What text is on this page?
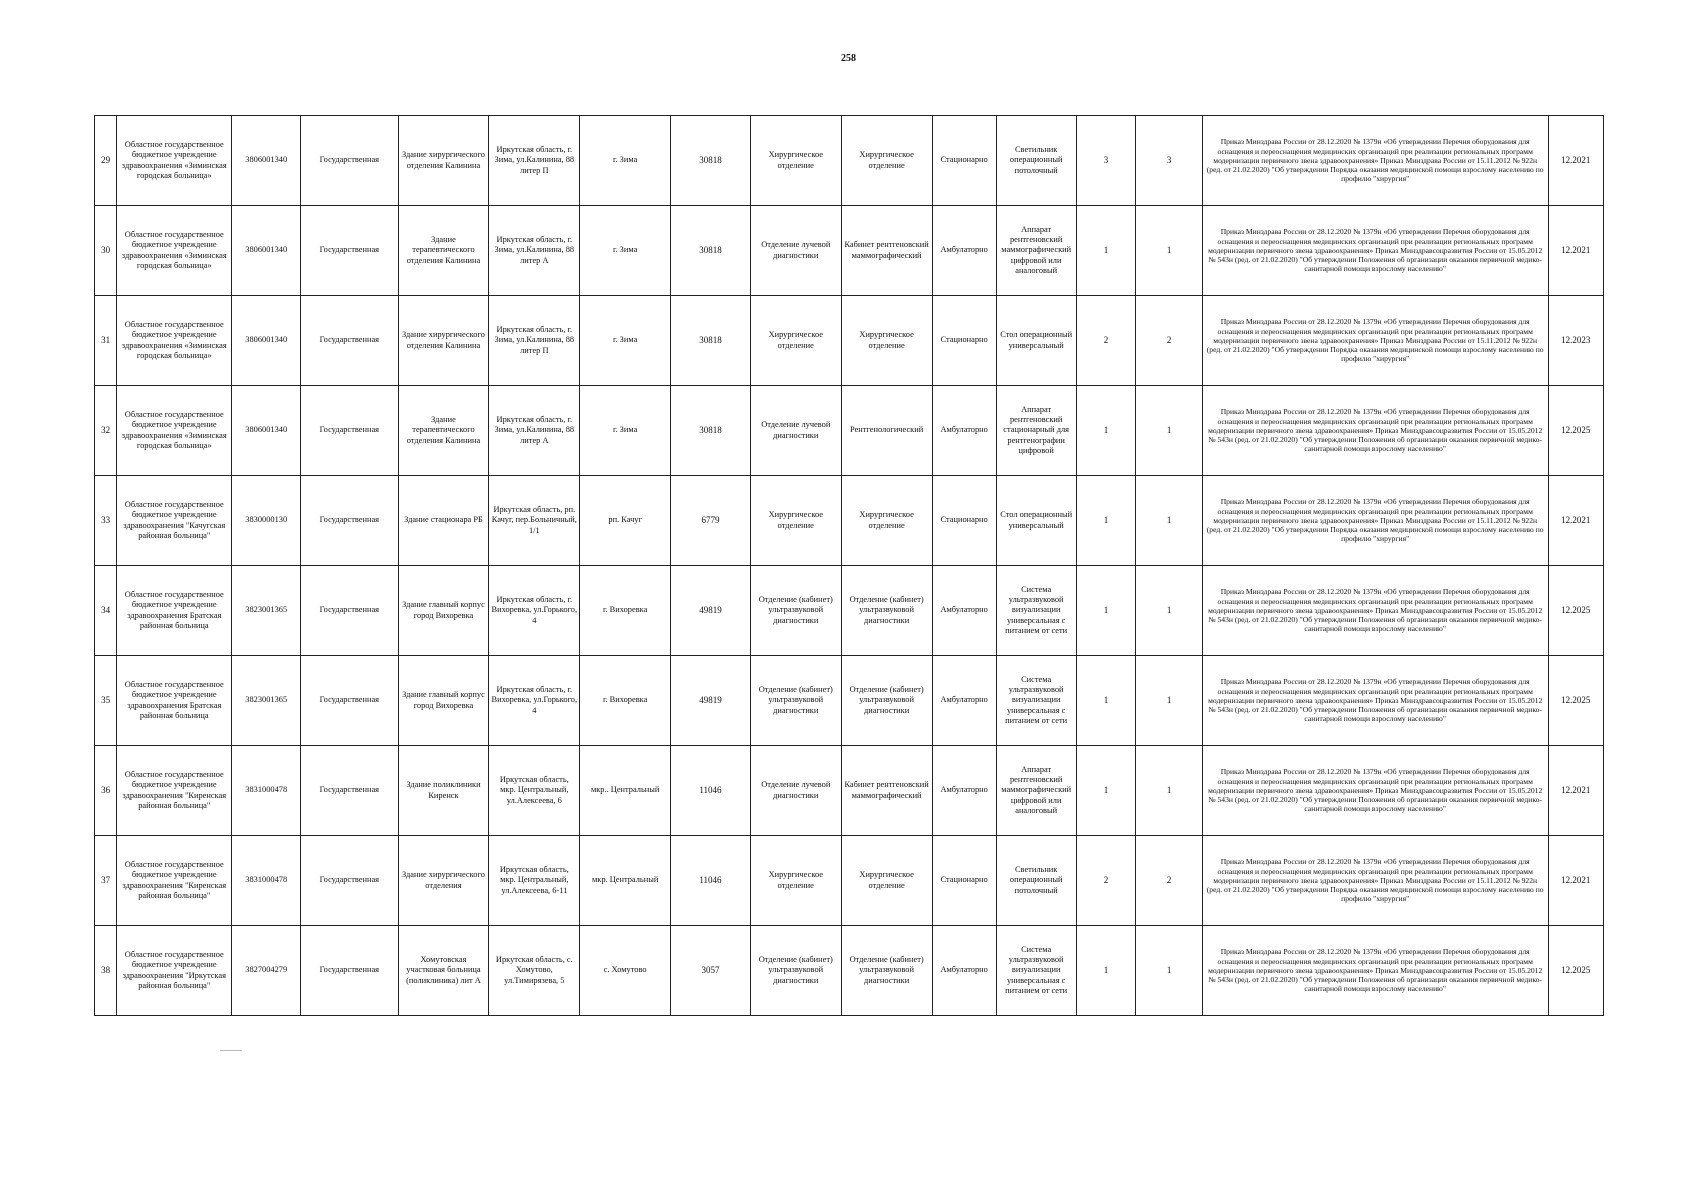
258
29	Областное государственное бюджетное учреждение здравоохранения «Зиминская городская больница»	3806001340	Государственная	Здание хирургического отделения Калинина	Иркутская область, г. Зима, ул.Калинина, 88 литер П	г. Зима	30818	Хирургическое отделение	Хирургическое отделение	Стационарно	Светильник операционный потолочный	3	3	Приказ Минздрава России от 28.12.2020 № 1379н «Об утверждении Перечня оборудования для оснащения и переоснащения медицинских организаций при реализации региональных программ модернизации первичного звена здравоохранения» Приказ Минздрава России от 15.11.2012 № 922н (ред. от 21.02.2020) "Об утверждении Порядка оказания медицинской помощи взрослому населению по профилю "хирургия"	12.2021
30	Областное государственное бюджетное учреждение здравоохранения «Зиминская городская больница»	3806001340	Государственная	Здание терапевтического отделения Калинина	Иркутская область, г. Зима, ул.Калинина, 88 литер А	г. Зима	30818	Отделение лучевой диагностики	Кабинет рентгеновский маммографический	Амбулаторно	Аппарат рентгеновский маммографический цифровой или аналоговый	1	1	Приказ Минздрава России от 28.12.2020 № 1379н «Об утверждении Перечня оборудования для оснащения и переоснащения медицинских организаций при реализации региональных программ модернизации первичного звена здравоохранения» Приказ Минздравсоцразвития России от 15.05.2012 № 543н (ред. от 21.02.2020) "Об утверждении Положения об организации оказания первичной медико-санитарной помощи взрослому населению"	12.2021
31	Областное государственное бюджетное учреждение здравоохранения «Зиминская городская больница»	3806001340	Государственная	Здание хирургического отделения Калинина	Иркутская область, г. Зима, ул.Калинина, 88 литер П	г. Зима	30818	Хирургическое отделение	Хирургическое отделение	Стационарно	Стол операционный универсальный	2	2	Приказ Минздрава России от 28.12.2020 № 1379н «Об утверждении Перечня оборудования для оснащения и переоснащения медицинских организаций при реализации региональных программ модернизации первичного звена здравоохранения» Приказ Минздрава России от 15.11.2012 № 922н (ред. от 21.02.2020) "Об утверждении Порядка оказания медицинской помощи взрослому населению по профилю "хирургия"	12.2023
32	Областное государственное бюджетное учреждение здравоохранения «Зиминская городская больница»	3806001340	Государственная	Здание терапевтического отделения Калинина	Иркутская область, г. Зима, ул.Калинина, 88 литер А	г. Зима	30818	Отделение лучевой диагностики	Рентгенологический	Амбулаторно	Аппарат рентгеновский стационарный для рентгенографии цифровой	1	1	Приказ Минздрава России от 28.12.2020 № 1379н «Об утверждении Перечня оборудования для оснащения и переоснащения медицинских организаций при реализации региональных программ модернизации первичного звена здравоохранения» Приказ Минздравсоцразвития России от 15.05.2012 № 543н (ред. от 21.02.2020) "Об утверждении Положения об организации оказания первичной медико-санитарной помощи взрослому населению"	12.2025
33	Областное государственное бюджетное учреждение здравоохранения "Качугская районная больница"	3830000130	Государственная	Здание стационара РБ	Иркутская область, рп. Качуг, пер.Больничный, 1/1	рп. Качуг	6779	Хирургическое отделение	Хирургическое отделение	Стационарно	Стол операционный универсальный	1	1	Приказ Минздрава России от 28.12.2020 № 1379н «Об утверждении Перечня оборудования для оснащения и переоснащения медицинских организаций при реализации региональных программ модернизации первичного звена здравоохранения» Приказ Минздрава России от 15.11.2012 № 922н (ред. от 21.02.2020) "Об утверждении Порядка оказания медицинской помощи взрослому населению по профилю "хирургия"	12.2021
34	Областное государственное бюджетное учреждение здравоохранения Братская районная больница	3823001365	Государственная	Здание главный корпус город Вихоревка	Иркутская область, г. Вихоревка, ул.Горького, 4	г. Вихоревка	49819	Отделение (кабинет) ультразвуковой диагностики	Отделение (кабинет) ультразвуковой диагностики	Амбулаторно	Система ультразвуковой визуализации универсальная с питанием от сети	1	1	Приказ Минздрава России от 28.12.2020 № 1379н «Об утверждении Перечня оборудования для оснащения и переоснащения медицинских организаций при реализации региональных программ модернизации первичного звена здравоохранения» Приказ Минздравсоцразвития России от 15.05.2012 № 543н (ред. от 21.02.2020) "Об утверждении Положения об организации оказания первичной медико-санитарной помощи взрослому населению"	12.2025
35	Областное государственное бюджетное учреждение здравоохранения Братская районная больница	3823001365	Государственная	Здание главный корпус город Вихоревка	Иркутская область, г. Вихоревка, ул.Горького, 4	г. Вихоревка	49819	Отделение (кабинет) ультразвуковой диагностики	Отделение (кабинет) ультразвуковой диагностики	Амбулаторно	Система ультразвуковой визуализации универсальная с питанием от сети	1	1	Приказ Минздрава России от 28.12.2020 № 1379н «Об утверждении Перечня оборудования для оснащения и переоснащения медицинских организаций при реализации региональных программ модернизации первичного звена здравоохранения» Приказ Минздравсоцразвития России от 15.05.2012 № 543н (ред. от 21.02.2020) "Об утверждении Положения об организации оказания первичной медико-санитарной помощи взрослому населению"	12.2025
36	Областное государственное бюджетное учреждение здравоохранения "Киренская районная больница"	3831000478	Государственная	Здание поликлиники Киренск	Иркутская область, мкр. Центральный, ул.Алексеева, 6	мкр.. Центральный	11046	Отделение лучевой диагностики	Кабинет рентгеновский маммографический	Амбулаторно	Аппарат рентгеновский маммографический цифровой или аналоговый	1	1	Приказ Минздрава России от 28.12.2020 № 1379н «Об утверждении Перечня оборудования для оснащения и переоснащения медицинских организаций при реализации региональных программ модернизации первичного звена здравоохранения» Приказ Минздравсоцразвития России от 15.05.2012 № 543н (ред. от 21.02.2020) "Об утверждении Положения об организации оказания первичной медико-санитарной помощи взрослому населению"	12.2021
37	Областное государственное бюджетное учреждение здравоохранения "Киренская районная больница"	3831000478	Государственная	Здание хирургического отделения	Иркутская область, мкр. Центральный, ул.Алексеева, 6-11	мкр. Центральный	11046	Хирургическое отделение	Хирургическое отделение	Стационарно	Светильник операционный потолочный	2	2	Приказ Минздрава России от 28.12.2020 № 1379н «Об утверждении Перечня оборудования для оснащения и переоснащения медицинских организаций при реализации региональных программ модернизации первичного звена здравоохранения» Приказ Минздрава России от 15.11.2012 № 922н (ред. от 21.02.2020) "Об утверждении Порядка оказания медицинской помощи взрослому населению по профилю "хирургия"	12.2021
38	Областное государственное бюджетное учреждение здравоохранения "Иркутская районная больница"	3827004279	Государственная	Хомутовская участковая больница (поликлиника) лит А	Иркутская область, с. Хомутово, ул.Тимирязева, 5	с. Хомутово	3057	Отделение (кабинет) ультразвуковой диагностики	Отделение (кабинет) ультразвуковой диагностики	Амбулаторно	Система ультразвуковой визуализации универсальная с питанием от сети	1	1	Приказ Минздрава России от 28.12.2020 № 1379н «Об утверждении Перечня оборудования для оснащения и переоснащения медицинских организаций при реализации региональных программ модернизации первичного звена здравоохранения» Приказ Минздравсоцразвития России от 15.05.2012 № 543н (ред. от 21.02.2020) "Об утверждении Положения об организации оказания первичной медико-санитарной помощи взрослому населению"	12.2025
